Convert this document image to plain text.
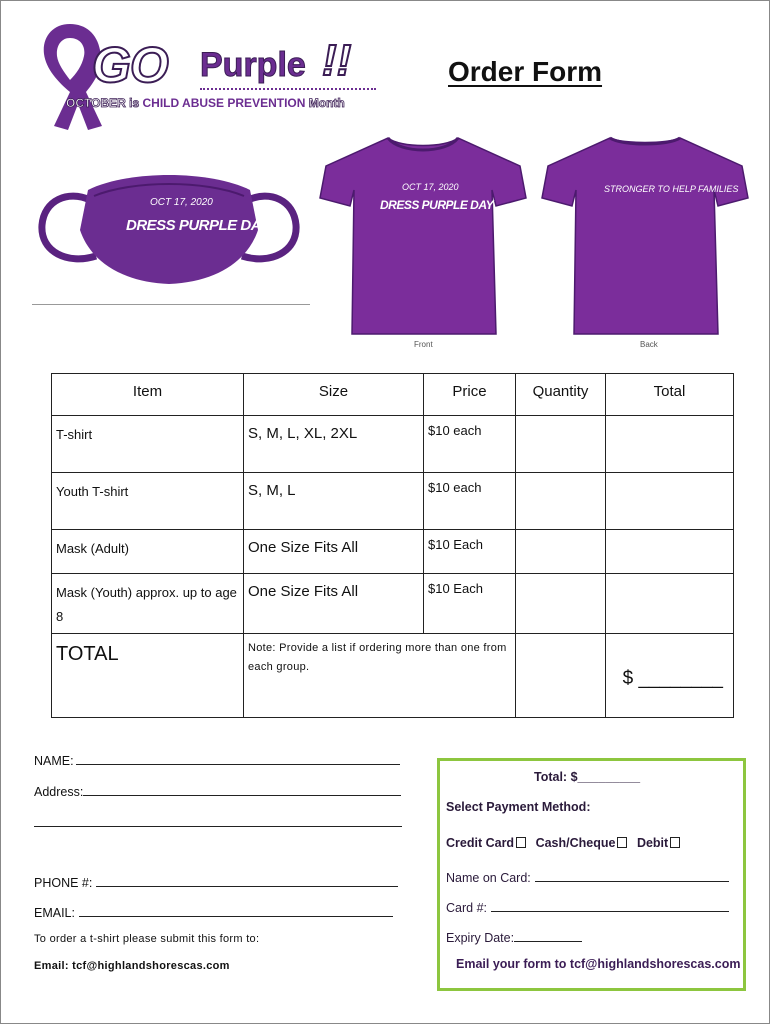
GO Purple !!
OCTOBER is CHILD ABUSE PREVENTION Month
Order Form
OCT 17, 2020
DRESS PURPLE DAY
OCT 17, 2020
DRESS PURPLE DAY
Front
STRONGER TO HELP FAMILIES
Back
Item	Size	Price	Quantity	Total
T-shirt	S, M, L, XL, 2XL	$10 each		
Youth T-shirt	S, M, L	$10 each		
Mask (Adult)	One Size Fits All	$10 Each		
Mask (Youth) approx. up to age 8	One Size Fits All	$10 Each		
TOTAL	Note: Provide a list if ordering more than one from each group.			$ ________
NAME:
Address:
PHONE #:
EMAIL:
To order a t-shirt please submit this form to:
Email: tcf@highlandshorescas.com
Total: $_________
Select Payment Method:
Credit Card Cash/Cheque Debit
Name on Card:
Card #:
Expiry Date:
Email your form to tcf@highlandshorescas.com
